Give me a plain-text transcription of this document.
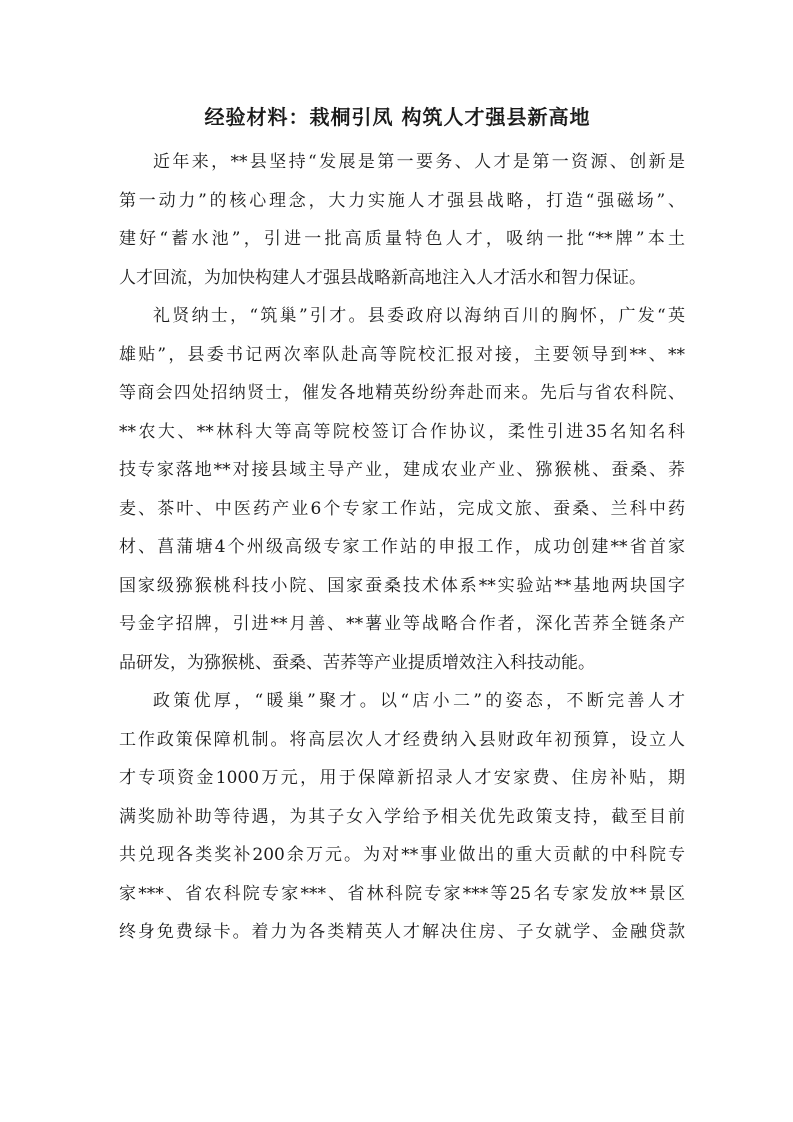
经验材料：栽桐引凤 构筑人才强县新高地
近年来，**县坚持“发展是第一要务、人才是第一资源、创新是
第一动力”的核心理念，大力实施人才强县战略，打造“强磁场”、
建好“蓄水池”，引进一批高质量特色人才，吸纳一批“**牌”本土
人才回流，为加快构建人才强县战略新高地注入人才活水和智力保证。
礼贤纳士，“筑巢”引才。县委政府以海纳百川的胸怀，广发“英
雄贴”，县委书记两次率队赴高等院校汇报对接，主要领导到**、**
等商会四处招纳贤士，催发各地精英纷纷奔赴而来。先后与省农科院、
**农大、**林科大等高等院校签订合作协议，柔性引进35名知名科
技专家落地**对接县域主导产业，建成农业产业、猕猴桃、蚕桑、荞
麦、茶叶、中医药产业6个专家工作站，完成文旅、蚕桑、兰科中药
材、菖蒲塘4个州级高级专家工作站的申报工作，成功创建**省首家
国家级猕猴桃科技小院、国家蚕桑技术体系**实验站**基地两块国字
号金字招牌，引进**月善、**薯业等战略合作者，深化苦荞全链条产
品研发，为猕猴桃、蚕桑、苦荞等产业提质增效注入科技动能。
政策优厚，“暖巢”聚才。以“店小二”的姿态，不断完善人才
工作政策保障机制。将高层次人才经费纳入县财政年初预算，设立人
才专项资金1000万元，用于保障新招录人才安家费、住房补贴，期
满奖励补助等待遇，为其子女入学给予相关优先政策支持，截至目前
共兑现各类奖补200余万元。为对**事业做出的重大贡献的中科院专
家***、省农科院专家***、省林科院专家***等25名专家发放**景区
终身免费绿卡。着力为各类精英人才解决住房、子女就学、金融贷款
